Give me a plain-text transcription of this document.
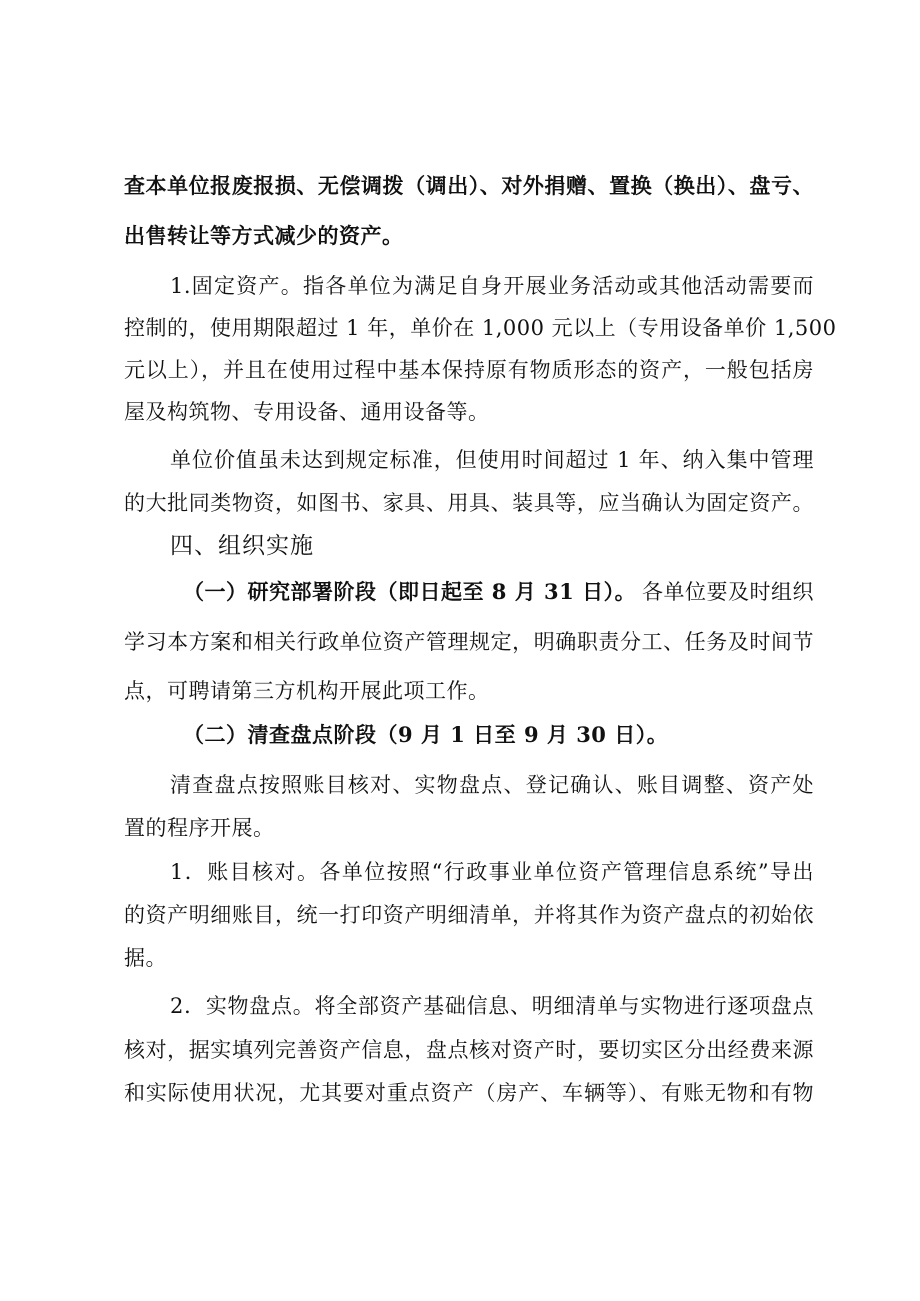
查本单位报废报损、无偿调拨（调出）、对外捐赠、置换（换出）、盘亏、
出售转让等方式减少的资产。
1.固定资产。指各单位为满足自身开展业务活动或其他活动需要而
控制的，使用期限超过 1 年，单价在 1,000 元以上（专用设备单价 1,500
元以上），并且在使用过程中基本保持原有物质形态的资产，一般包括房
屋及构筑物、专用设备、通用设备等。
单位价值虽未达到规定标准，但使用时间超过 1 年、纳入集中管理
的大批同类物资，如图书、家具、用具、装具等，应当确认为固定资产。
四、组织实施
（一）研究部署阶段（即日起至 8 月 31 日）。 各单位要及时组织
学习本方案和相关行政单位资产管理规定，明确职责分工、任务及时间节
点，可聘请第三方机构开展此项工作。
（二）清查盘点阶段（9 月 1 日至 9 月 30 日）。
清查盘点按照账目核对、实物盘点、登记确认、账目调整、资产处
置的程序开展。
1．账目核对。各单位按照“行政事业单位资产管理信息系统”导出
的资产明细账目，统一打印资产明细清单，并将其作为资产盘点的初始依
据。
2．实物盘点。将全部资产基础信息、明细清单与实物进行逐项盘点
核对，据实填列完善资产信息，盘点核对资产时，要切实区分出经费来源
和实际使用状况，尤其要对重点资产（房产、车辆等）、有账无物和有物
